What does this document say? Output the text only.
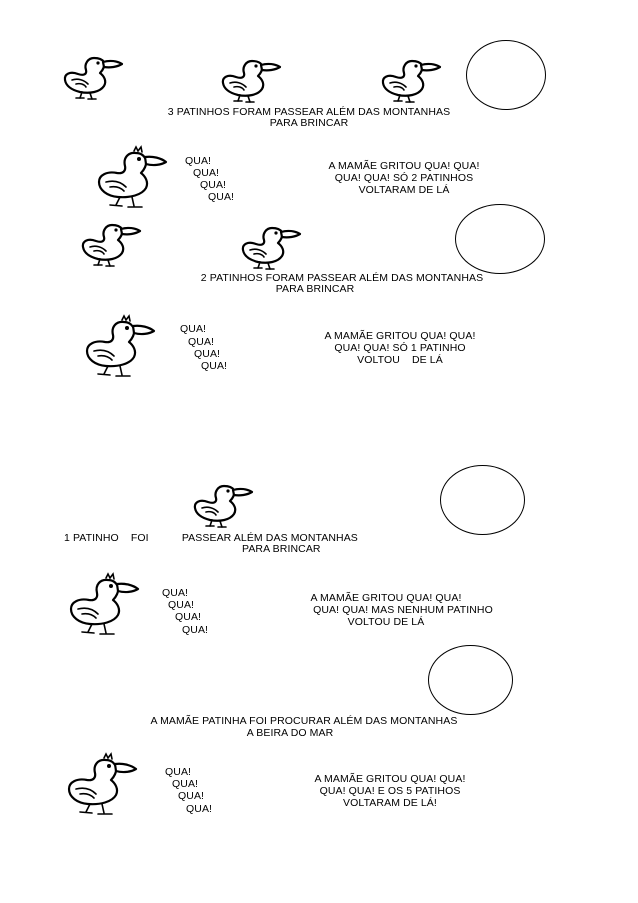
3 PATINHOS FORAM PASSEAR ALÉM DAS MONTANHAS
PARA BRINCAR
QUA!
QUA!
QUA!
QUA!
A MAMÃE GRITOU QUA! QUA!
QUA! QUA! SÓ 2 PATINHOS
VOLTARAM DE LÁ
2 PATINHOS FORAM PASSEAR ALÉM DAS MONTANHAS
PARA BRINCAR
QUA!
QUA!
QUA!
QUA!
A MAMÃE GRITOU QUA! QUA!
QUA! QUA! SÓ 1 PATINHO
VOLTOU    DE LÁ
1 PATINHO    FOI           PASSEAR ALÉM DAS MONTANHAS
PARA BRINCAR
QUA!
QUA!
QUA!
QUA!
A MAMÃE GRITOU QUA! QUA!
QUA! QUA! MAS NENHUM PATINHO
VOLTOU DE LÁ
A MAMÃE PATINHA FOI PROCURAR ALÉM DAS MONTANHAS
A BEIRA DO MAR
QUA!
QUA!
QUA!
QUA!
A MAMÃE GRITOU QUA! QUA!
QUA! QUA! E OS 5 PATIHOS
VOLTARAM DE LÁ!
